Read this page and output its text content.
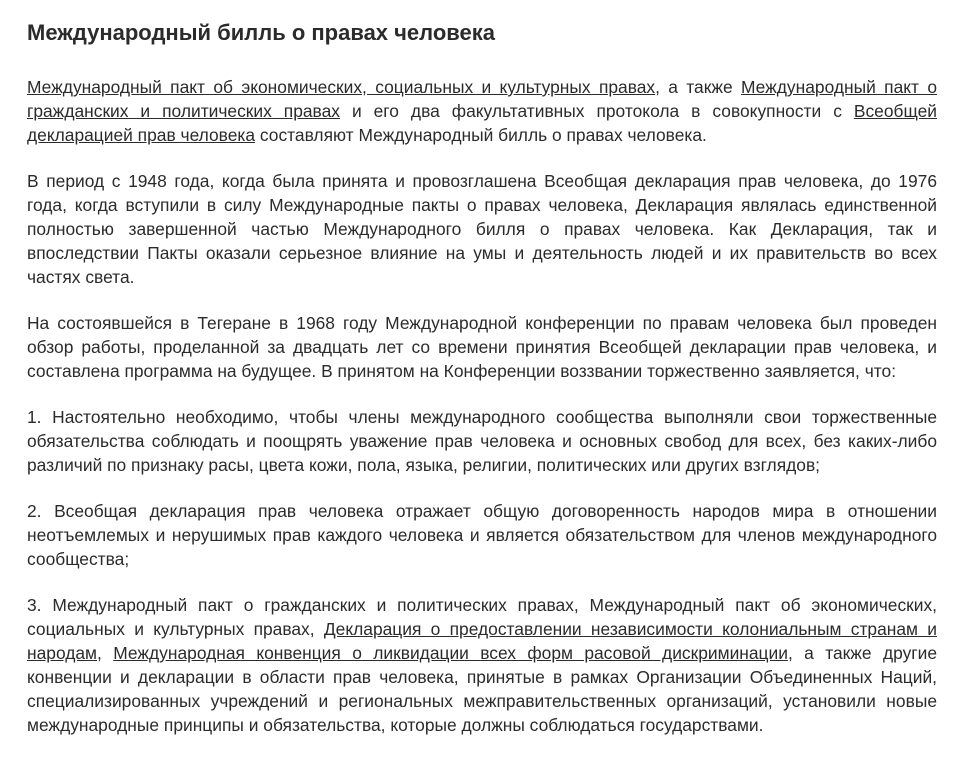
Международный билль о правах человека

Международный пакт об экономических, социальных и культурных правах, а также Международный пакт о гражданских и политических правах и его два факультативных протокола в совокупности с Всеобщей декларацией прав человека составляют Международный билль о правах человека.

В период с 1948 года, когда была принята и провозглашена Всеобщая декларация прав человека, до 1976 года, когда вступили в силу Международные пакты о правах человека, Декларация являлась единственной полностью завершенной частью Международного билля о правах человека. Как Декларация, так и впоследствии Пакты оказали серьезное влияние на умы и деятельность людей и их правительств во всех частях света.

На состоявшейся в Тегеране в 1968 году Международной конференции по правам человека был проведен обзор работы, проделанной за двадцать лет со времени принятия Всеобщей декларации прав человека, и составлена программа на будущее. В принятом на Конференции воззвании торжественно заявляется, что:

1. Настоятельно необходимо, чтобы члены международного сообщества выполняли свои торжественные обязательства соблюдать и поощрять уважение прав человека и основных свобод для всех, без каких-либо различий по признаку расы, цвета кожи, пола, языка, религии, политических или других взглядов;

2. Всеобщая декларация прав человека отражает общую договоренность народов мира в отношении неотъемлемых и нерушимых прав каждого человека и является обязательством для членов международного сообщества;

3. Международный пакт о гражданских и политических правах, Международный пакт об экономических, социальных и культурных правах, Декларация о предоставлении независимости колониальным странам и народам, Международная конвенция о ликвидации всех форм расовой дискриминации, а также другие конвенции и декларации в области прав человека, принятые в рамках Организации Объединенных Наций, специализированных учреждений и региональных межправительственных организаций, установили новые международные принципы и обязательства, которые должны соблюдаться государствами.
